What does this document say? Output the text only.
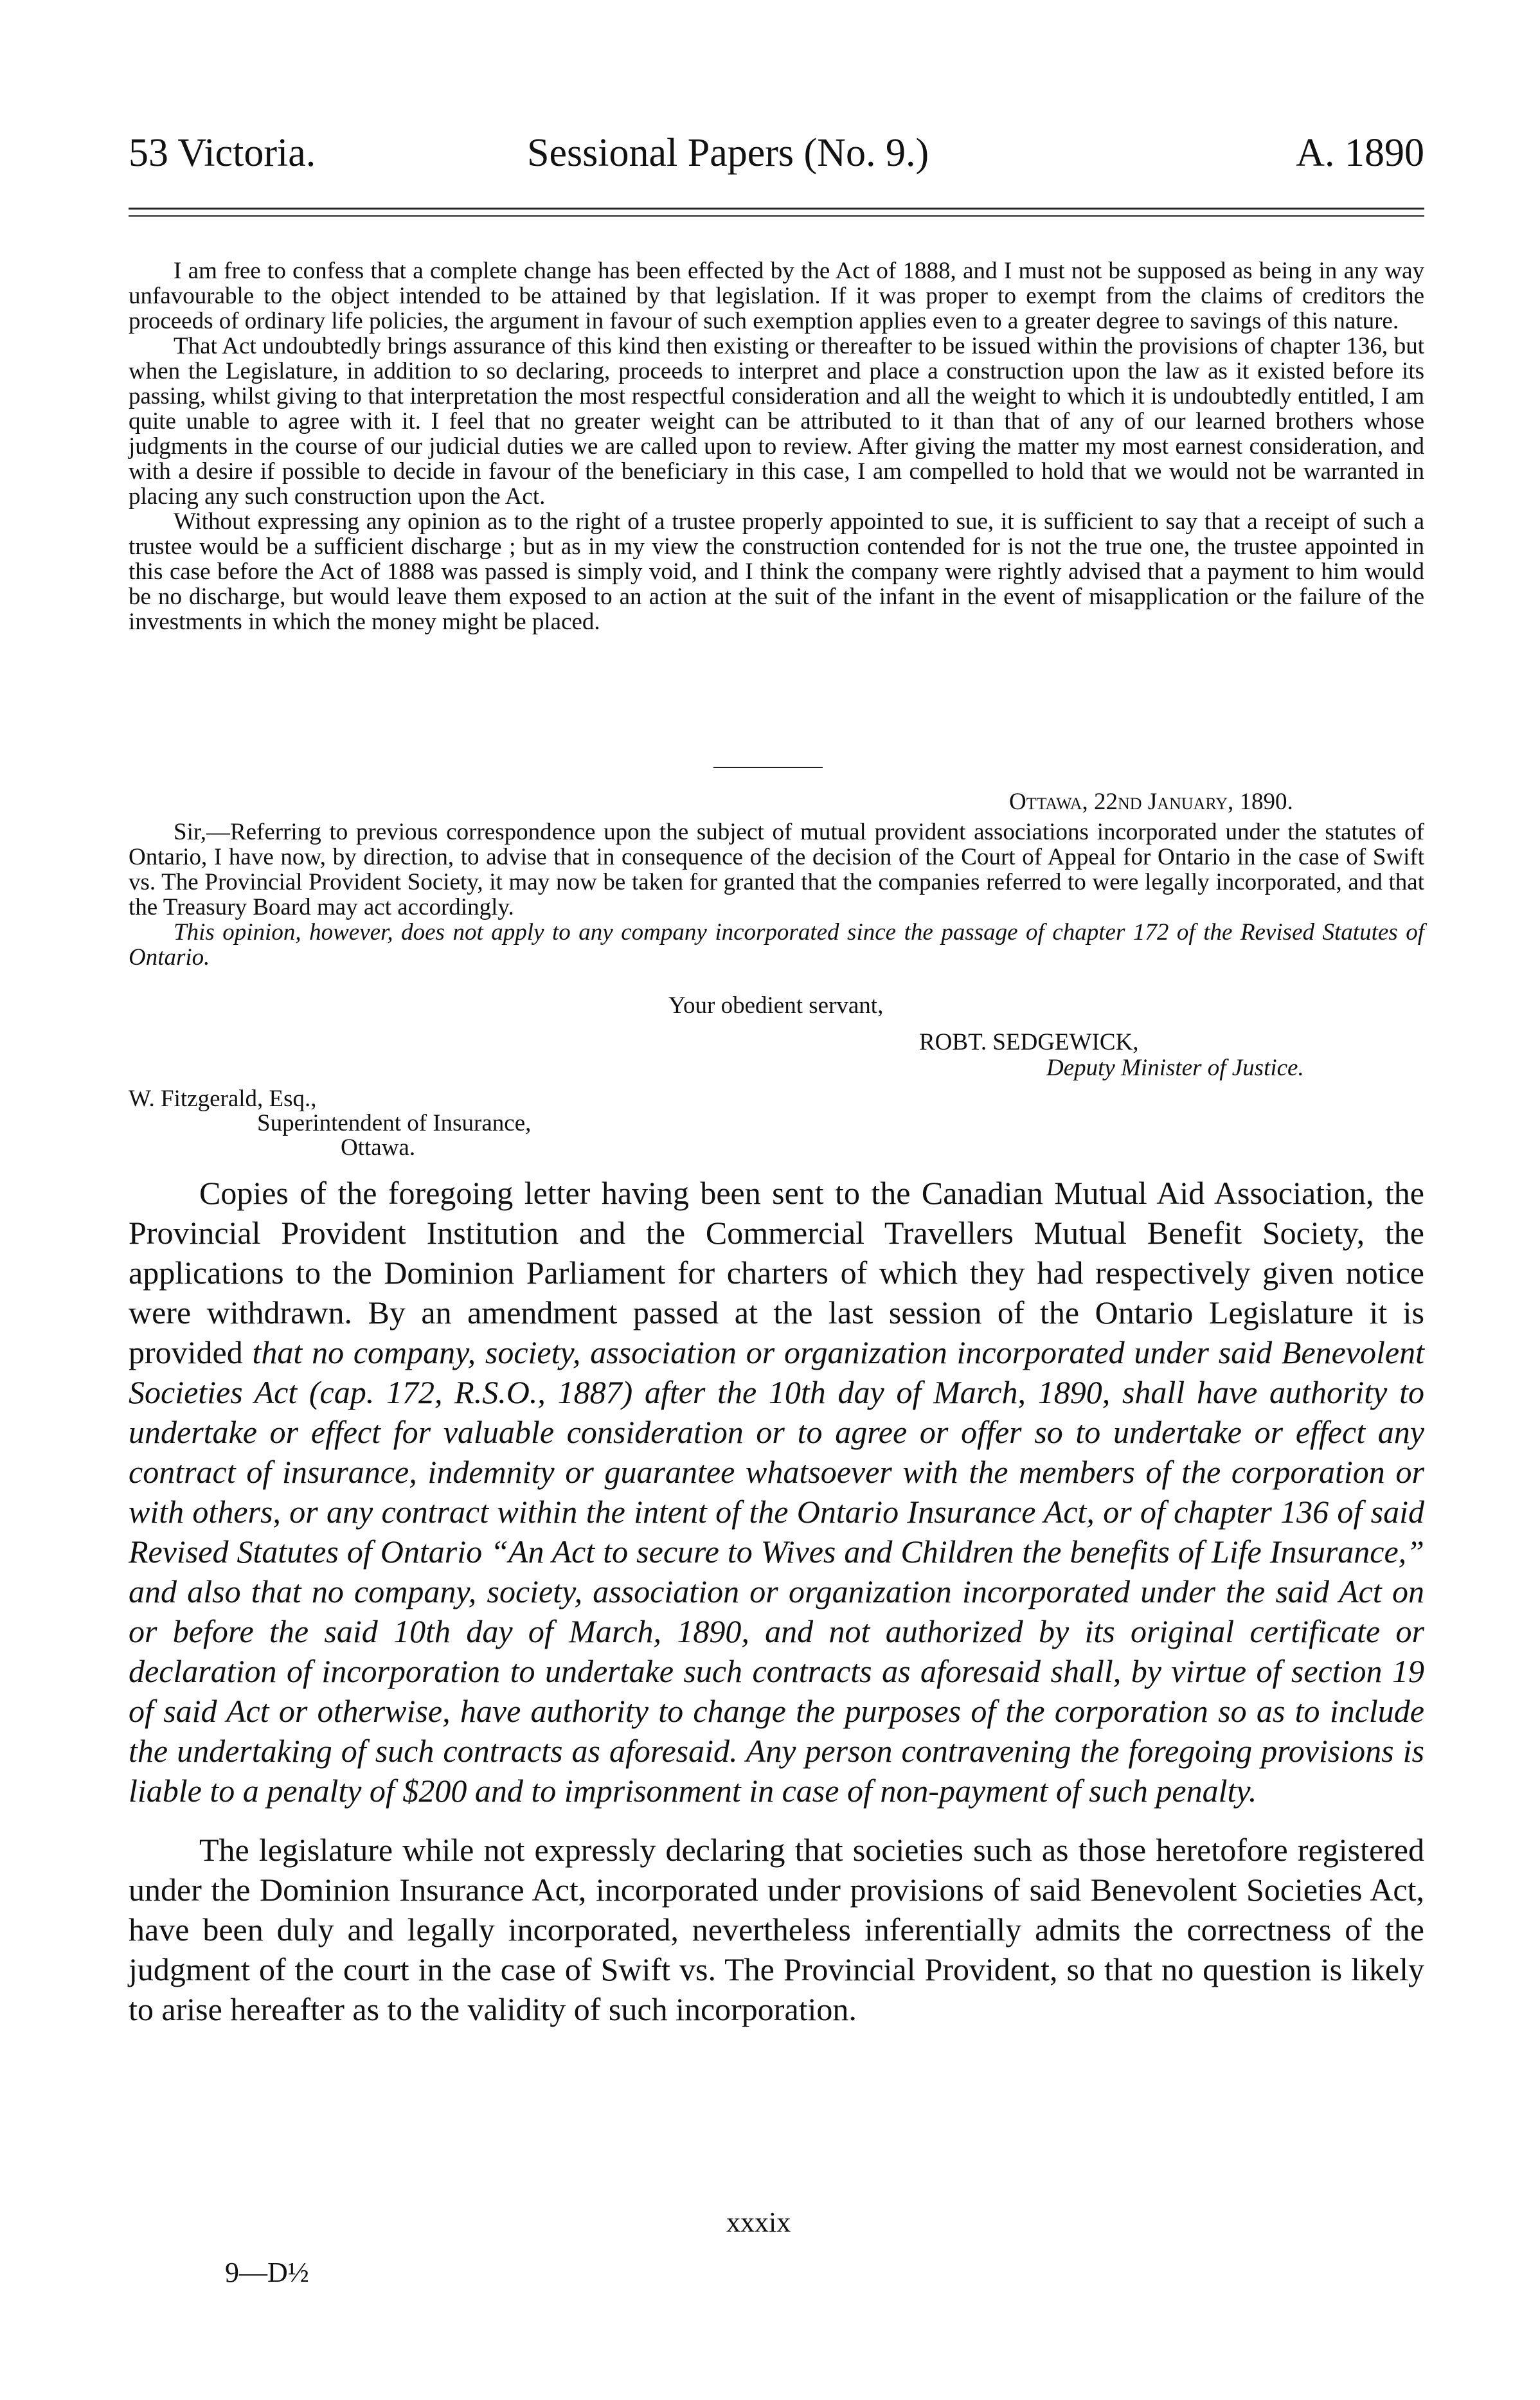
53 Victoria.	Sessional Papers (No. 9.)	A. 1890

I am free to confess that a complete change has been effected by the Act of 1888, and I must not be supposed as being in any way unfavourable to the object intended to be attained by that legislation. If it was proper to exempt from the claims of creditors the proceeds of ordinary life policies, the argument in favour of such exemption applies even to a greater degree to savings of this nature.

That Act undoubtedly brings assurance of this kind then existing or thereafter to be issued within the provisions of chapter 136, but when the Legislature, in addition to so declaring, proceeds to interpret and place a construction upon the law as it existed before its passing, whilst giving to that interpretation the most respectful consideration and all the weight to which it is undoubtedly entitled, I am quite unable to agree with it. I feel that no greater weight can be attributed to it than that of any of our learned brothers whose judgments in the course of our judicial duties we are called upon to review. After giving the matter my most earnest consideration, and with a desire if possible to decide in favour of the beneficiary in this case, I am compelled to hold that we would not be warranted in placing any such construction upon the Act.

Without expressing any opinion as to the right of a trustee properly appointed to sue, it is sufficient to say that a receipt of such a trustee would be a sufficient discharge ; but as in my view the construction contended for is not the true one, the trustee appointed in this case before the Act of 1888 was passed is simply void, and I think the company were rightly advised that a payment to him would be no discharge, but would leave them exposed to an action at the suit of the infant in the event of misapplication or the failure of the investments in which the money might be placed.

Ottawa, 22nd January, 1890.

Sir,—Referring to previous correspondence upon the subject of mutual provident associations incorporated under the statutes of Ontario, I have now, by direction, to advise that in consequence of the decision of the Court of Appeal for Ontario in the case of Swift vs. The Provincial Provident Society, it may now be taken for granted that the companies referred to were legally incorporated, and that the Treasury Board may act accordingly.

This opinion, however, does not apply to any company incorporated since the passage of chapter 172 of the Revised Statutes of Ontario.

Your obedient servant,
ROBT. SEDGEWICK,
Deputy Minister of Justice.
W. Fitzgerald, Esq.,
Superintendent of Insurance,
Ottawa.

Copies of the foregoing letter having been sent to the Canadian Mutual Aid Association, the Provincial Provident Institution and the Commercial Travellers Mutual Benefit Society, the applications to the Dominion Parliament for charters of which they had respectively given notice were withdrawn. By an amendment passed at the last session of the Ontario Legislature it is provided that no company, society, association or organization incorporated under said Benevolent Societies Act (cap. 172, R.S.O., 1887) after the 10th day of March, 1890, shall have authority to undertake or effect for valuable consideration or to agree or offer so to undertake or effect any contract of insurance, indemnity or guarantee whatsoever with the members of the corporation or with others, or any contract within the intent of the Ontario Insurance Act, or of chapter 136 of said Revised Statutes of Ontario “An Act to secure to Wives and Children the benefits of Life Insurance,” and also that no company, society, association or organization incorporated under the said Act on or before the said 10th day of March, 1890, and not authorized by its original certificate or declaration of incorporation to undertake such contracts as aforesaid shall, by virtue of section 19 of said Act or otherwise, have authority to change the purposes of the corporation so as to include the undertaking of such contracts as aforesaid. Any person contravening the foregoing provisions is liable to a penalty of $200 and to imprisonment in case of non-payment of such penalty.

The legislature while not expressly declaring that societies such as those heretofore registered under the Dominion Insurance Act, incorporated under provisions of said Benevolent Societies Act, have been duly and legally incorporated, nevertheless inferentially admits the correctness of the judgment of the court in the case of Swift vs. The Provincial Provident, so that no question is likely to arise hereafter as to the validity of such incorporation.

xxxix
9—D½
